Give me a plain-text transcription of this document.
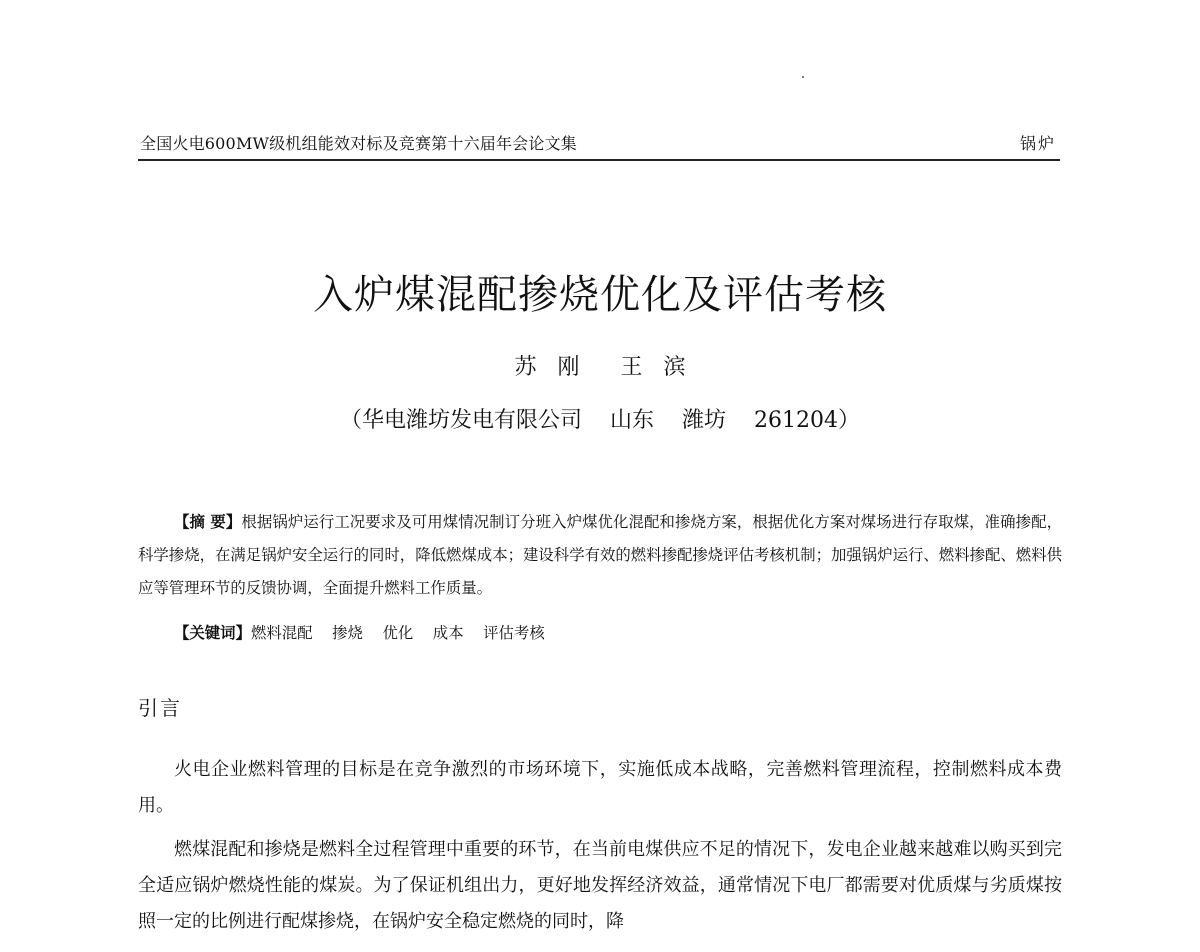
全国火电600MW级机组能效对标及竞赛第十六届年会论文集	锅炉
入炉煤混配掺烧优化及评估考核
苏 刚 王 滨
（华电潍坊发电有限公司    山东    潍坊    261204）

【摘 要】根据锅炉运行工况要求及可用煤情况制订分班入炉煤优化混配和掺烧方案，根据优化方案对煤场进行存取煤，准确掺配，科学掺烧，在满足锅炉安全运行的同时，降低燃煤成本；建设科学有效的燃料掺配掺烧评估考核机制；加强锅炉运行、燃料掺配、燃料供应等管理环节的反馈协调，全面提升燃料工作质量。

【关键词】燃料混配    掺烧    优化    成本    评估考核
引言

火电企业燃料管理的目标是在竞争激烈的市场环境下，实施低成本战略，完善燃料管理流程，控制燃料成本费用。

燃煤混配和掺烧是燃料全过程管理中重要的环节，在当前电煤供应不足的情况下，发电企业越来越难以购买到完全适应锅炉燃烧性能的煤炭。为了保证机组出力，更好地发挥经济效益，通常情况下电厂都需要对优质煤与劣质煤按照一定的比例进行配煤掺烧，在锅炉安全稳定燃烧的同时，降
